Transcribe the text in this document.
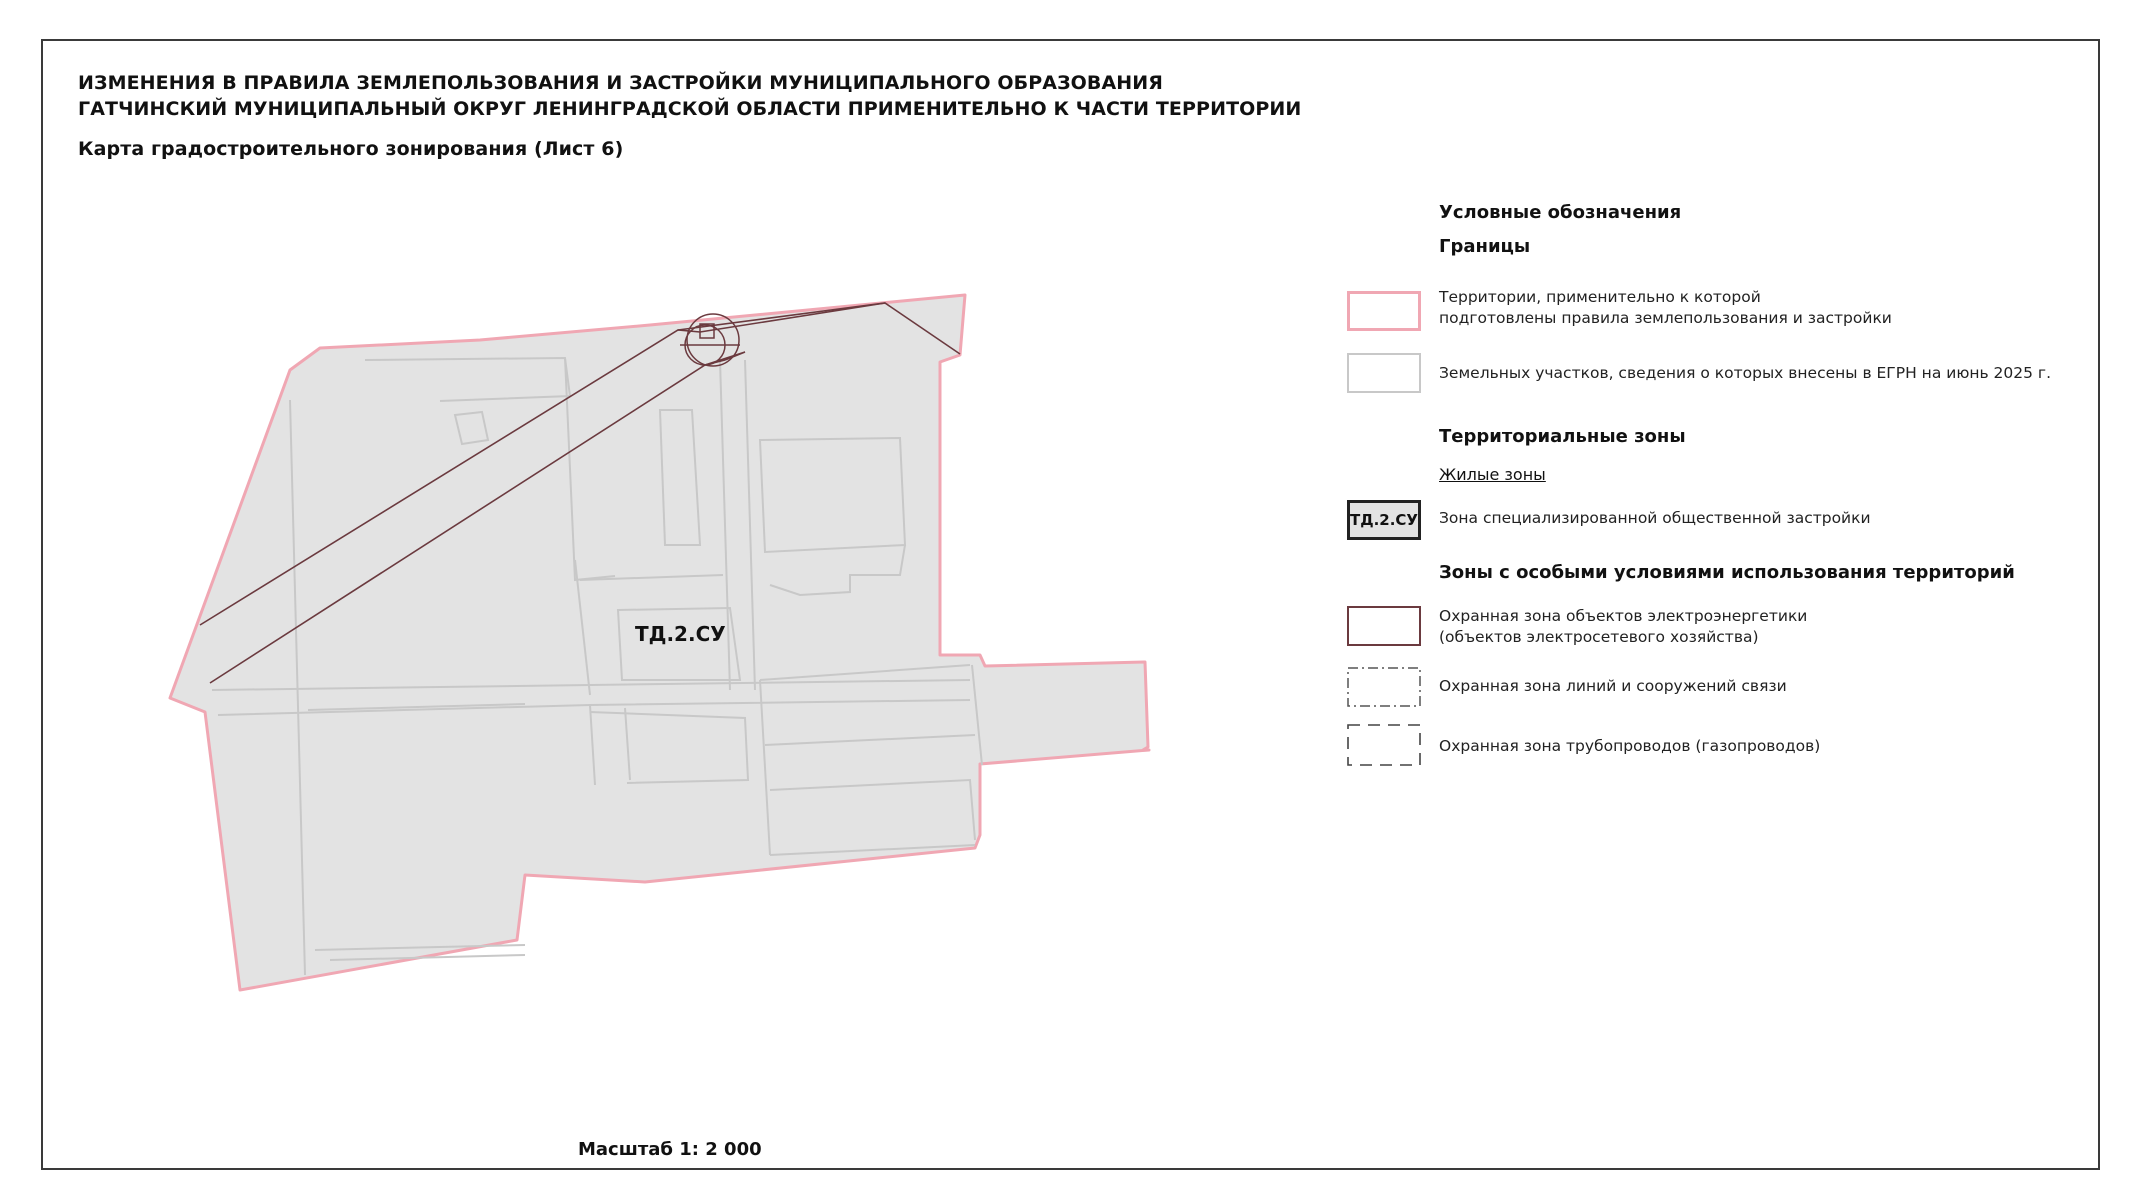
ИЗМЕНЕНИЯ В ПРАВИЛА ЗЕМЛЕПОЛЬЗОВАНИЯ И ЗАСТРОЙКИ МУНИЦИПАЛЬНОГО ОБРАЗОВАНИЯ
ГАТЧИНСКИЙ МУНИЦИПАЛЬНЫЙ ОКРУГ ЛЕНИНГРАДСКОЙ ОБЛАСТИ ПРИМЕНИТЕЛЬНО К ЧАСТИ ТЕРРИТОРИИ
Карта градостроительного зонирования (Лист 6)
ТД.2.СУ
Условные обозначения
Границы
Территории, применительно к которой
подготовлены правила землепользования и застройки
Земельных участков, сведения о которых внесены в ЕГРН на июнь 2025 г.
Территориальные зоны
Жилые зоны
ТД.2.СУ Зона специализированной общественной застройки
Зоны с особыми условиями использования территорий
Охранная зона объектов электроэнергетики
(объектов электросетевого хозяйства)
Охранная зона линий и сооружений связи
Охранная зона трубопроводов (газопроводов)
Масштаб 1: 2 000
